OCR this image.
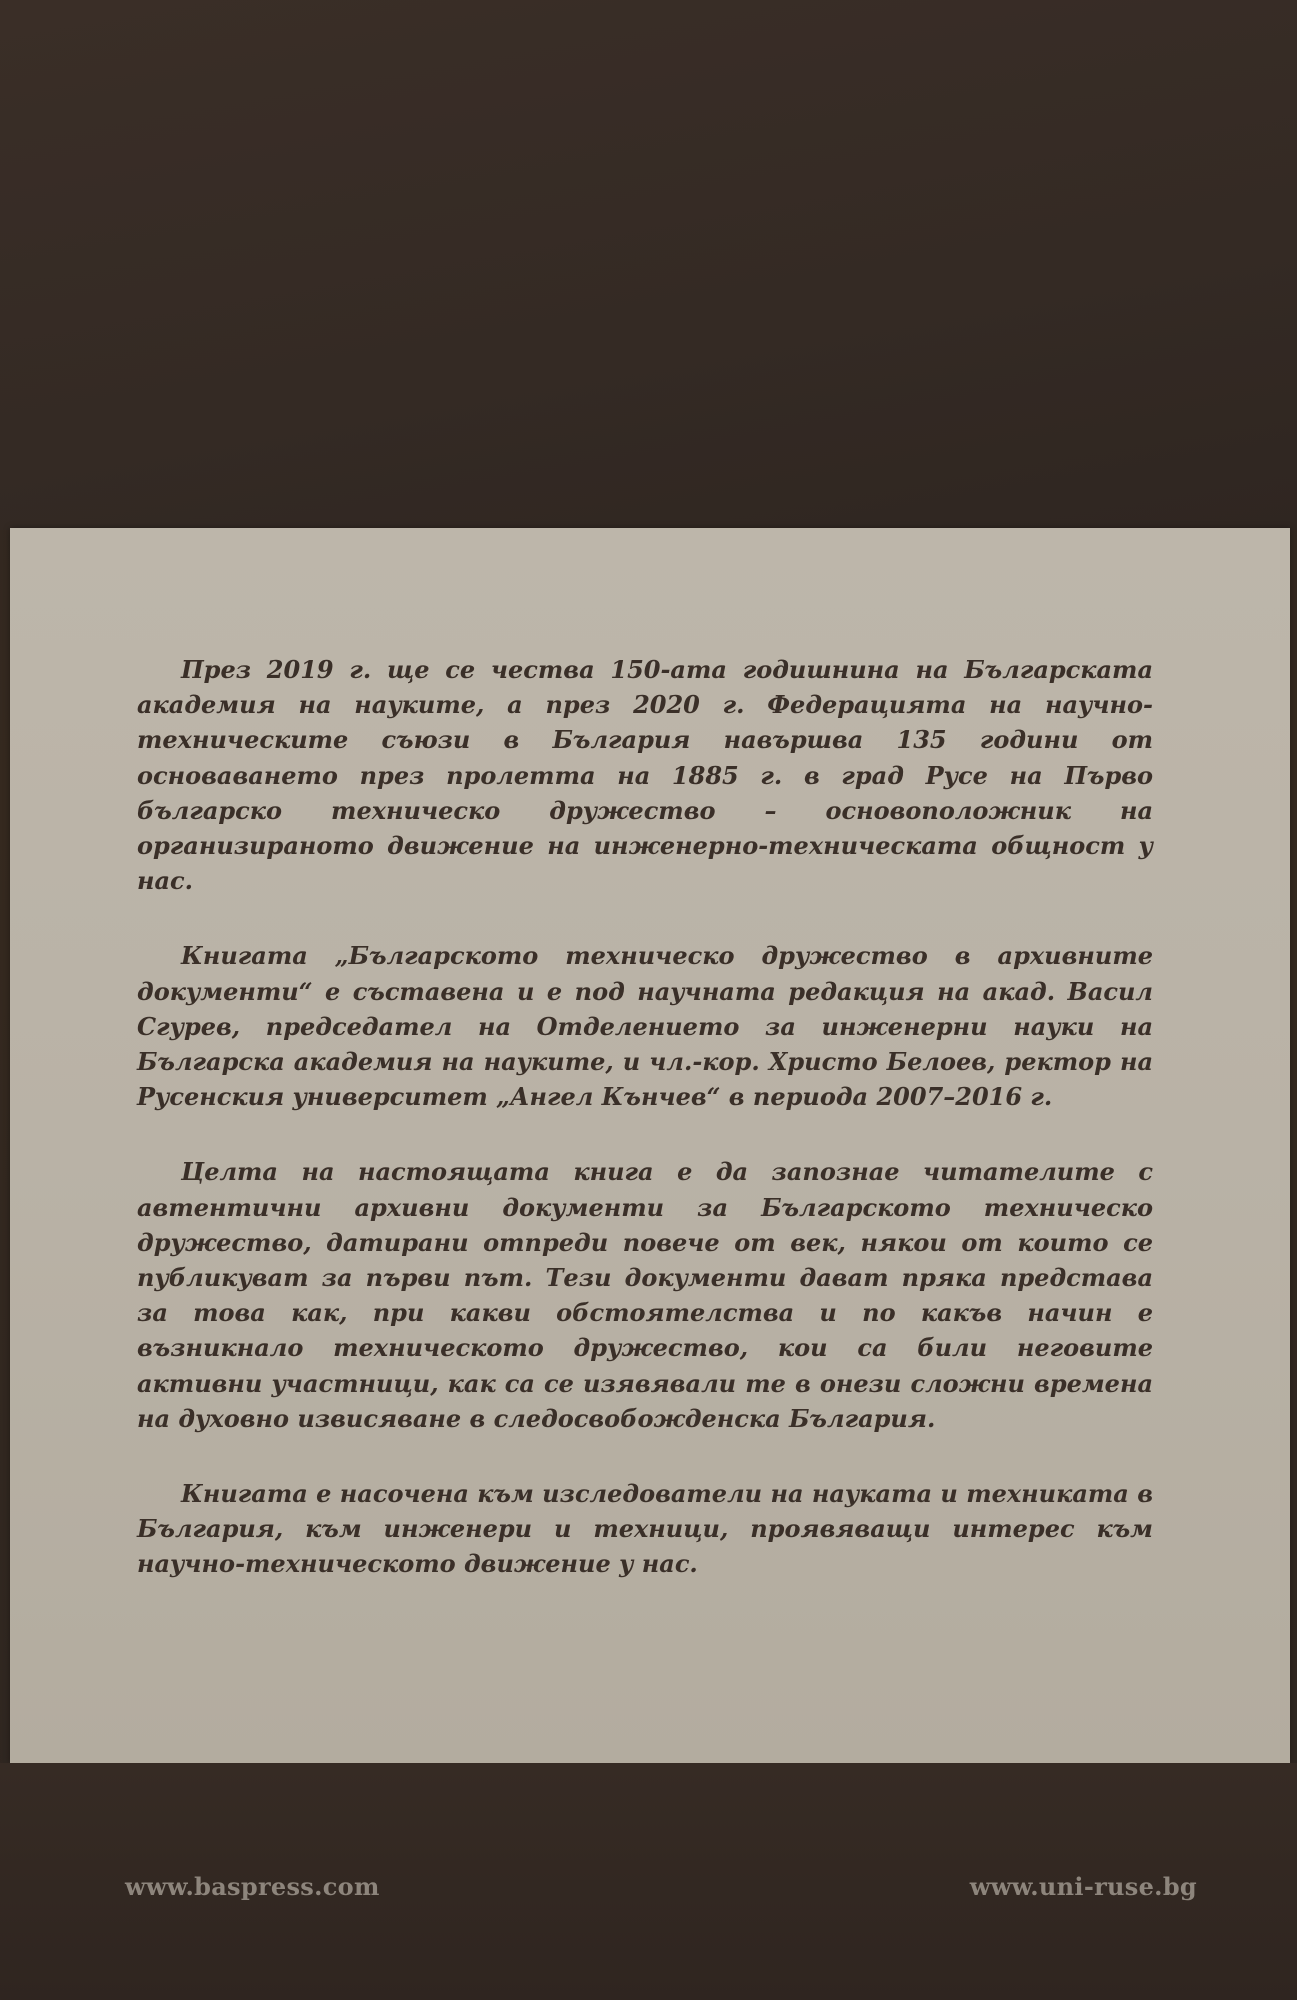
През 2019 г. ще се чества 150-ата годишнина на Българската академия на науките, а през 2020 г. Федерацията на научно-техническите съюзи в България навършва 135 години от основаването през пролетта на 1885 г. в град Русе на Първо българско техническо дружество – основоположник на организираното движение на инженерно-техническата общност у нас.

Книгата „Българското техническо дружество в архивните документи“ е съставена и е под научната редакция на акад. Васил Сгурев, председател на Отделението за инженерни науки на Българска академия на науките, и чл.-кор. Христо Белоев, ректор на Русенския университет „Ангел Кънчев“ в периода 2007–2016 г.

Целта на настоящата книга е да запознае читателите с автентични архивни документи за Българското техническо дружество, датирани отпреди повече от век, някои от които се публикуват за първи път. Тези документи дават пряка представа за това как, при какви обстоятелства и по какъв начин е възникнало техническото дружество, кои са били неговите активни участници, как са се изявявали те в онези сложни времена на духовно извисяване в следосвобожденска България.

Книгата е насочена към изследователи на науката и техниката в България, към инженери и техници, проявяващи интерес към научно-техническото движение у нас.

www.baspress.com	www.uni-ruse.bg
